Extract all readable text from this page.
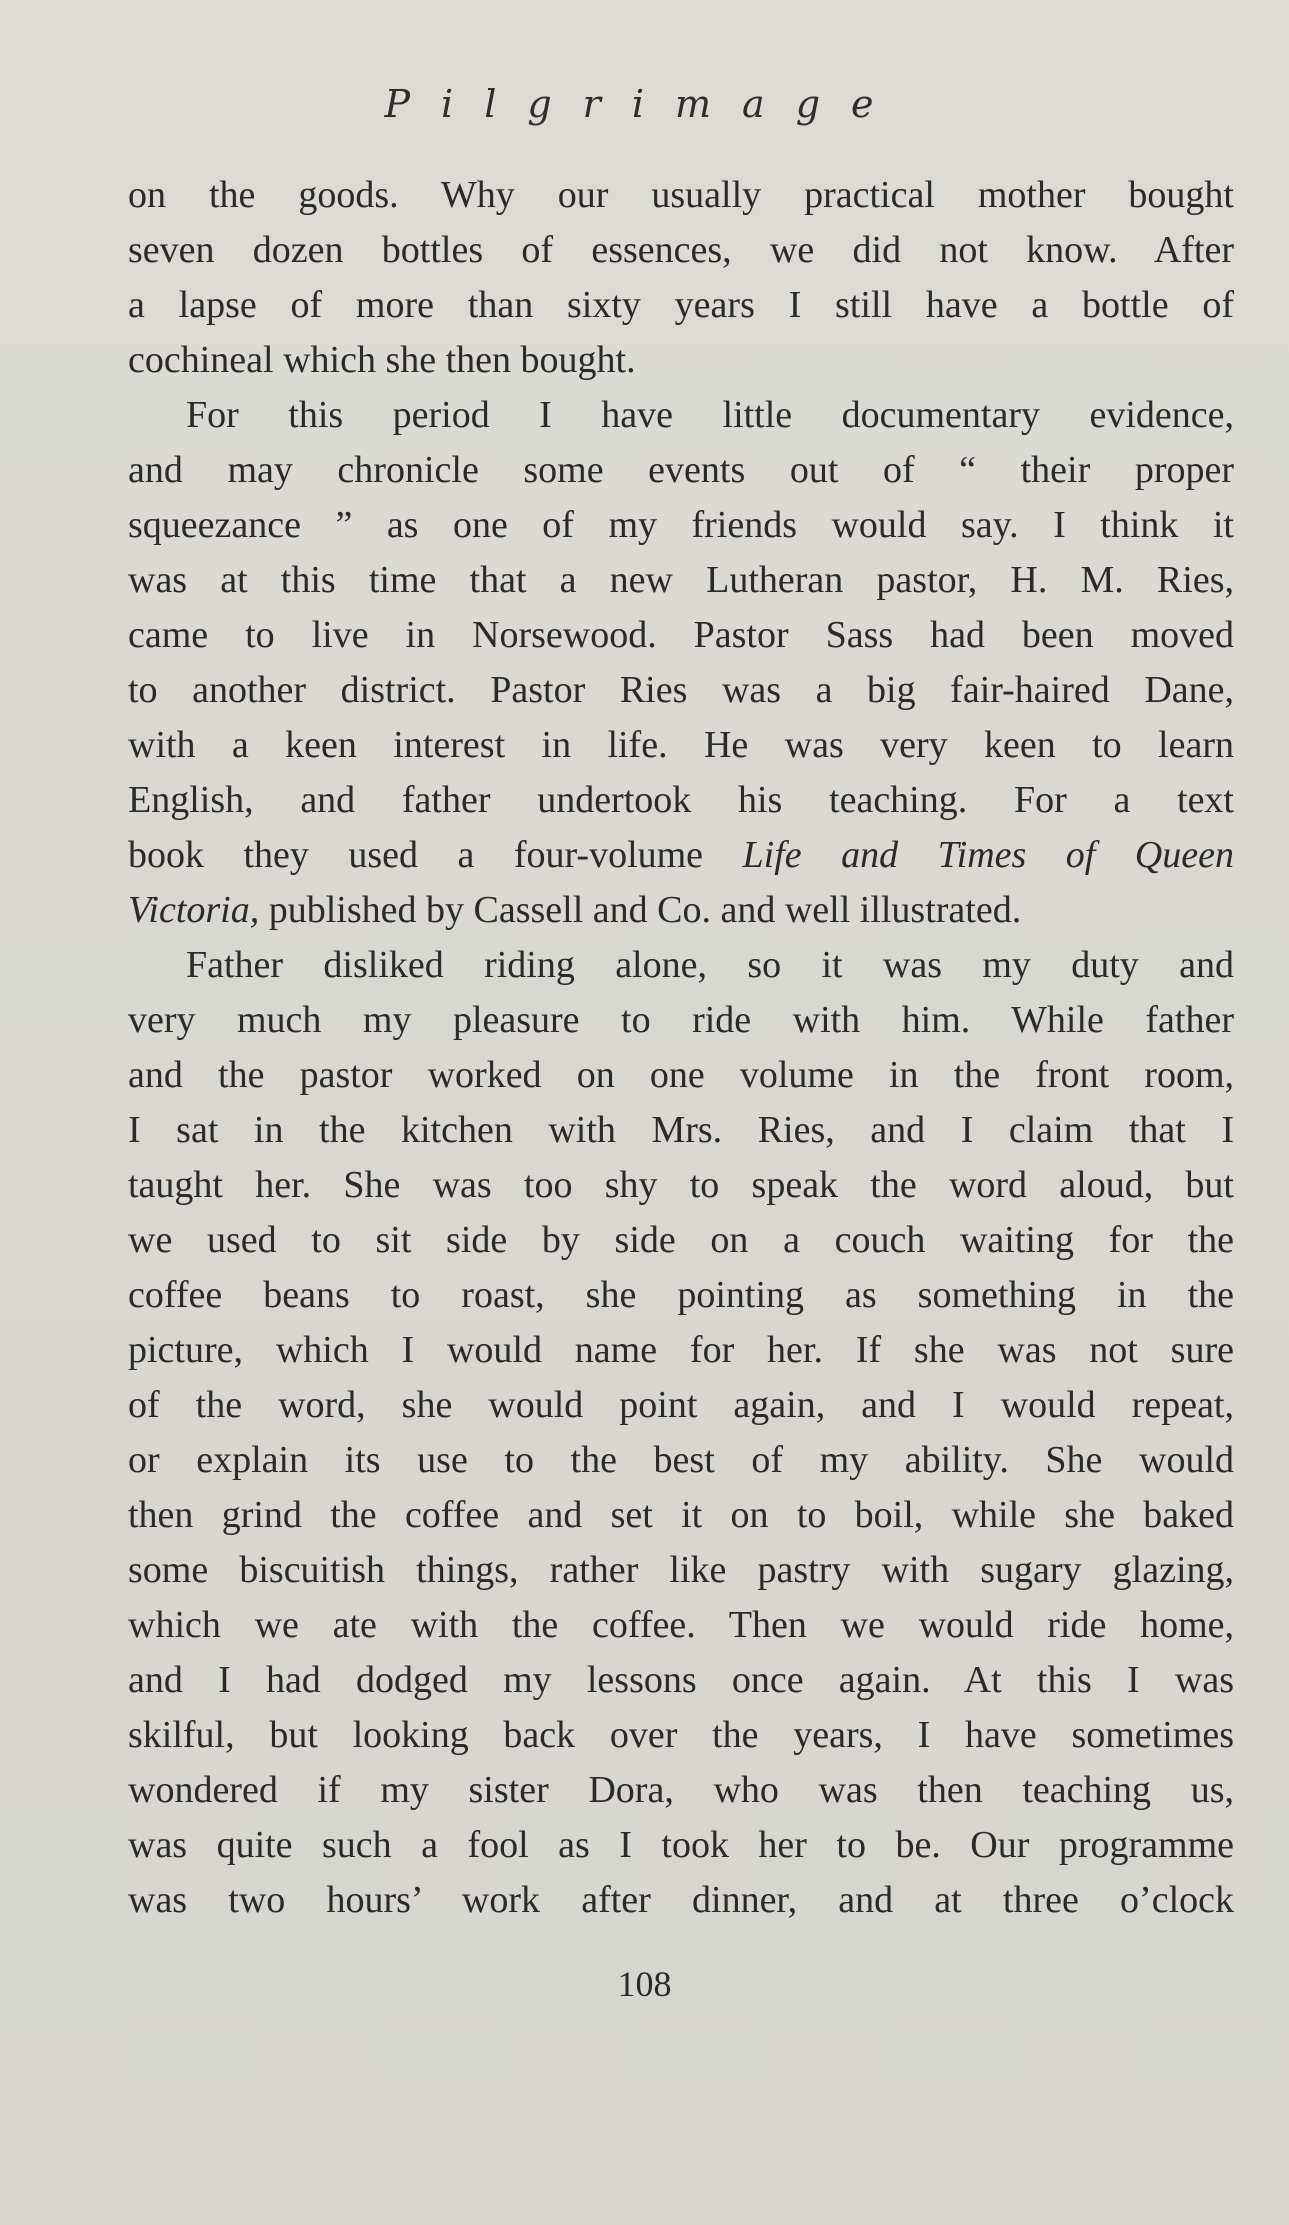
Pilgrimage
on the goods. Why our usually practical mother bought
seven dozen bottles of essences, we did not know. After
a lapse of more than sixty years I still have a bottle of
cochineal which she then bought.
For this period I have little documentary evidence,
and may chronicle some events out of “ their proper
squeezance ” as one of my friends would say. I think it
was at this time that a new Lutheran pastor, H. M. Ries,
came to live in Norsewood. Pastor Sass had been moved
to another district. Pastor Ries was a big fair-haired Dane,
with a keen interest in life. He was very keen to learn
English, and father undertook his teaching. For a text
book they used a four-volume Life and Times of Queen
Victoria, published by Cassell and Co. and well illustrated.
Father disliked riding alone, so it was my duty and
very much my pleasure to ride with him. While father
and the pastor worked on one volume in the front room,
I sat in the kitchen with Mrs. Ries, and I claim that I
taught her. She was too shy to speak the word aloud, but
we used to sit side by side on a couch waiting for the
coffee beans to roast, she pointing as something in the
picture, which I would name for her. If she was not sure
of the word, she would point again, and I would repeat,
or explain its use to the best of my ability. She would
then grind the coffee and set it on to boil, while she baked
some biscuitish things, rather like pastry with sugary glazing,
which we ate with the coffee. Then we would ride home,
and I had dodged my lessons once again. At this I was
skilful, but looking back over the years, I have sometimes
wondered if my sister Dora, who was then teaching us,
was quite such a fool as I took her to be. Our programme
was two hours’ work after dinner, and at three o’clock
108
